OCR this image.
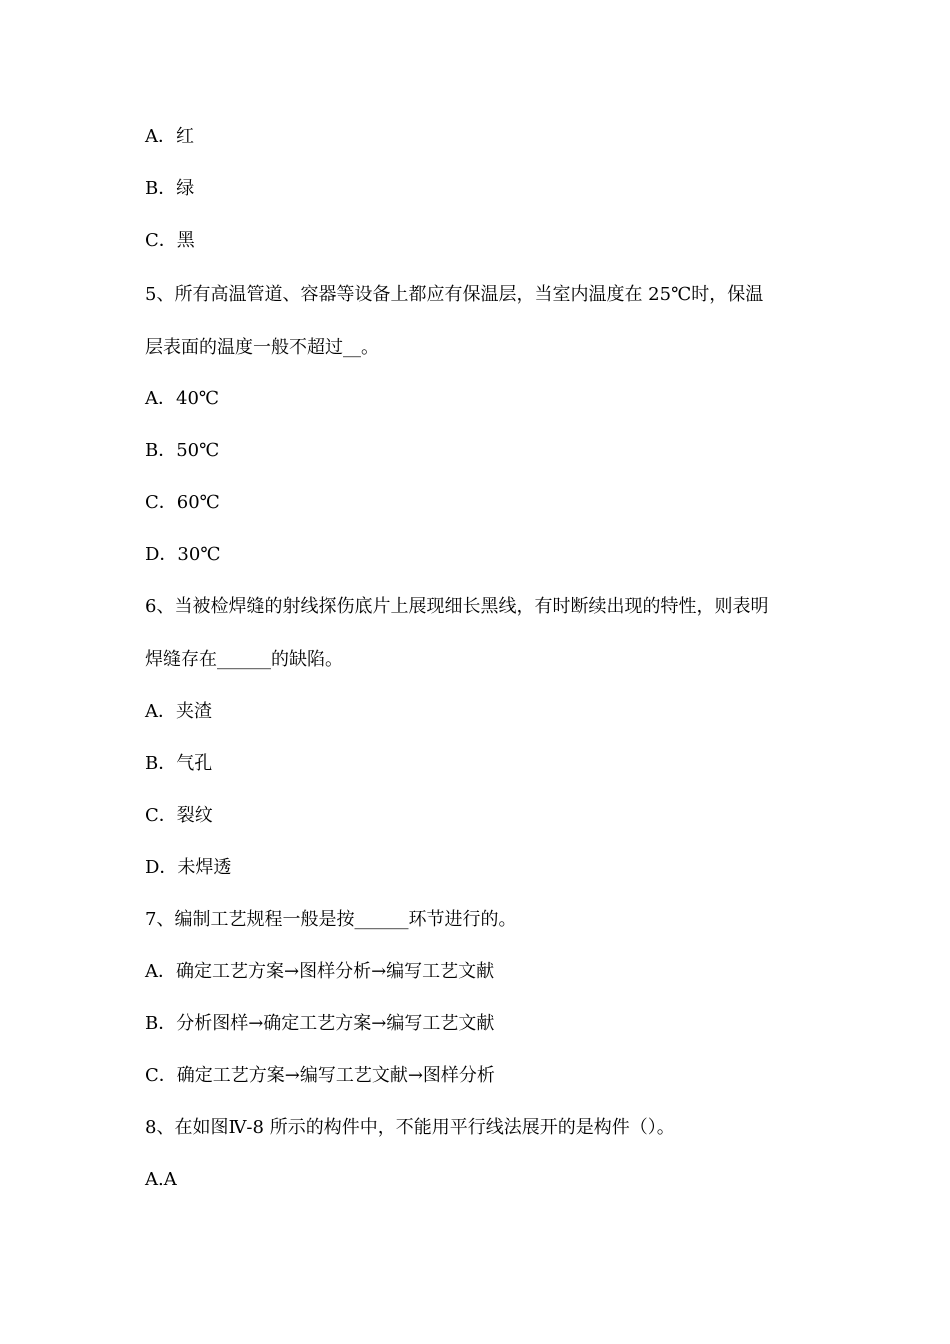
A．红
B．绿
C．黑
5、所有高温管道、容器等设备上都应有保温层，当室内温度在 25℃时，保温
层表面的温度一般不超过__。
A．40℃
B．50℃
C．60℃
D．30℃
6、当被检焊缝的射线探伤底片上展现细长黑线，有时断续出现的特性，则表明
焊缝存在______的缺陷。
A．夹渣
B．气孔
C．裂纹
D．未焊透
7、编制工艺规程一般是按______环节进行的。
A．确定工艺方案→图样分析→编写工艺文献
B．分析图样→确定工艺方案→编写工艺文献
C．确定工艺方案→编写工艺文献→图样分析
8、在如图Ⅳ-8 所示的构件中，不能用平行线法展开的是构件（）。
A.A
